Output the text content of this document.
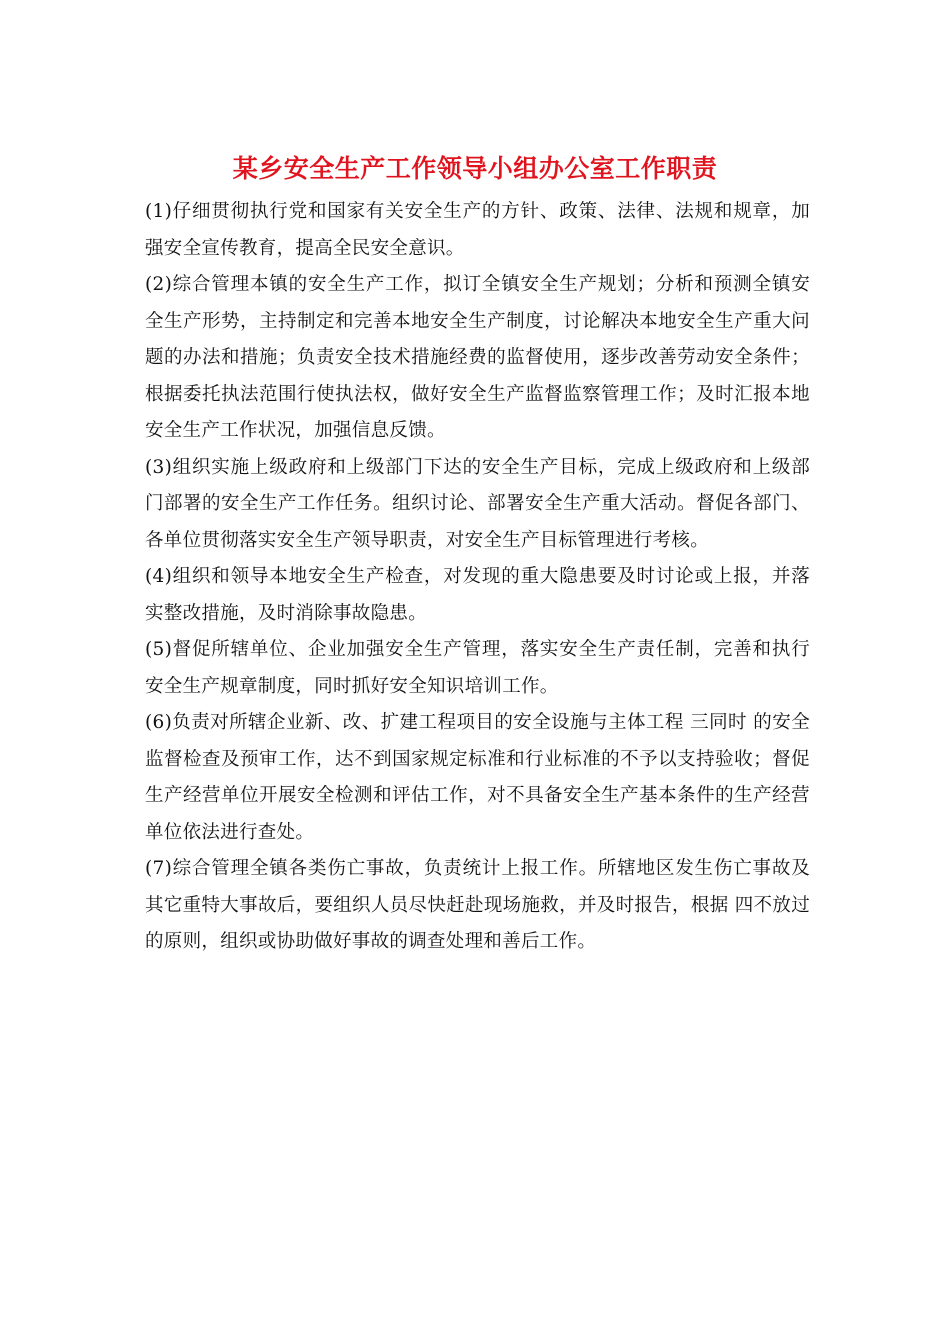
某乡安全生产工作领导小组办公室工作职责

(1)仔细贯彻执行党和国家有关安全生产的方针、政策、法律、法规和规章，加强安全宣传教育，提高全民安全意识。

(2)综合管理本镇的安全生产工作，拟订全镇安全生产规划；分析和预测全镇安全生产形势，主持制定和完善本地安全生产制度，讨论解决本地安全生产重大问题的办法和措施；负责安全技术措施经费的监督使用，逐步改善劳动安全条件；根据委托执法范围行使执法权，做好安全生产监督监察管理工作；及时汇报本地安全生产工作状况，加强信息反馈。

(3)组织实施上级政府和上级部门下达的安全生产目标，完成上级政府和上级部门部署的安全生产工作任务。组织讨论、部署安全生产重大活动。督促各部门、各单位贯彻落实安全生产领导职责，对安全生产目标管理进行考核。

(4)组织和领导本地安全生产检查，对发现的重大隐患要及时讨论或上报，并落实整改措施，及时消除事故隐患。

(5)督促所辖单位、企业加强安全生产管理，落实安全生产责任制，完善和执行安全生产规章制度，同时抓好安全知识培训工作。

(6)负责对所辖企业新、改、扩建工程项目的安全设施与主体工程 三同时 的安全监督检查及预审工作，达不到国家规定标准和行业标准的不予以支持验收；督促生产经营单位开展安全检测和评估工作，对不具备安全生产基本条件的生产经营单位依法进行查处。

(7)综合管理全镇各类伤亡事故，负责统计上报工作。所辖地区发生伤亡事故及其它重特大事故后，要组织人员尽快赶赴现场施救，并及时报告，根据 四不放过 的原则，组织或协助做好事故的调查处理和善后工作。
